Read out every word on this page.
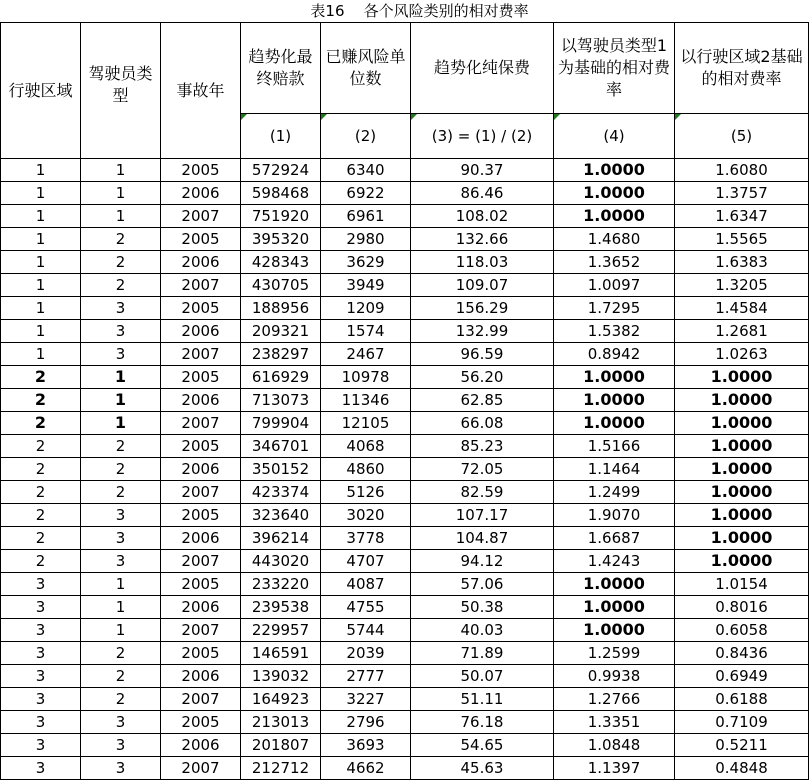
表16    各个风险类别的相对费率
行驶区域	驾驶员类型	事故年	趋势化最终赔款	已赚风险单位数	趋势化纯保费	以驾驶员类型1为基础的相对费率	以行驶区域2基础的相对费率

(1)	(2)	(3) = (1) / (2)	(4)	(5)
1	1	2005	572924	6340	90.37	1.0000	1.6080
1	1	2006	598468	6922	86.46	1.0000	1.3757
1	1	2007	751920	6961	108.02	1.0000	1.6347
1	2	2005	395320	2980	132.66	1.4680	1.5565
1	2	2006	428343	3629	118.03	1.3652	1.6383
1	2	2007	430705	3949	109.07	1.0097	1.3205
1	3	2005	188956	1209	156.29	1.7295	1.4584
1	3	2006	209321	1574	132.99	1.5382	1.2681
1	3	2007	238297	2467	96.59	0.8942	1.0263
2	1	2005	616929	10978	56.20	1.0000	1.0000
2	1	2006	713073	11346	62.85	1.0000	1.0000
2	1	2007	799904	12105	66.08	1.0000	1.0000
2	2	2005	346701	4068	85.23	1.5166	1.0000
2	2	2006	350152	4860	72.05	1.1464	1.0000
2	2	2007	423374	5126	82.59	1.2499	1.0000
2	3	2005	323640	3020	107.17	1.9070	1.0000
2	3	2006	396214	3778	104.87	1.6687	1.0000
2	3	2007	443020	4707	94.12	1.4243	1.0000
3	1	2005	233220	4087	57.06	1.0000	1.0154
3	1	2006	239538	4755	50.38	1.0000	0.8016
3	1	2007	229957	5744	40.03	1.0000	0.6058
3	2	2005	146591	2039	71.89	1.2599	0.8436
3	2	2006	139032	2777	50.07	0.9938	0.6949
3	2	2007	164923	3227	51.11	1.2766	0.6188
3	3	2005	213013	2796	76.18	1.3351	0.7109
3	3	2006	201807	3693	54.65	1.0848	0.5211
3	3	2007	212712	4662	45.63	1.1397	0.4848
